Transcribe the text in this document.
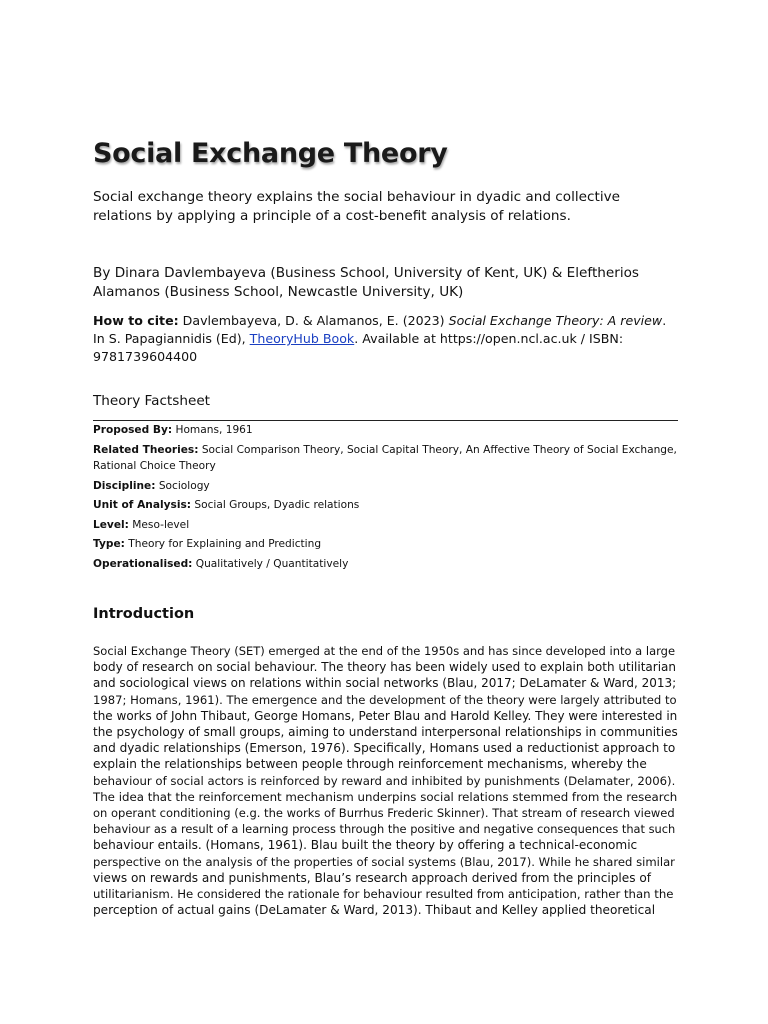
Social Exchange Theory

Social exchange theory explains the social behaviour in dyadic and collective relations by applying a principle of a cost-benefit analysis of relations.

By Dinara Davlembayeva (Business School, University of Kent, UK) & Eleftherios Alamanos (Business School, Newcastle University, UK)

How to cite: Davlembayeva, D. & Alamanos, E. (2023) Social Exchange Theory: A review. In S. Papagiannidis (Ed), TheoryHub Book. Available at https://open.ncl.ac.uk / ISBN: 9781739604400

Theory Factsheet
Proposed By: Homans, 1961
Related Theories: Social Comparison Theory, Social Capital Theory, An Affective Theory of Social Exchange, Rational Choice Theory
Discipline: Sociology
Unit of Analysis: Social Groups, Dyadic relations
Level: Meso-level
Type: Theory for Explaining and Predicting
Operationalised: Qualitatively / Quantitatively
Introduction

Social Exchange Theory (SET) emerged at the end of the 1950s and has since developed into a large
body of research on social behaviour. The theory has been widely used to explain both utilitarian
and sociological views on relations within social networks (Blau, 2017; DeLamater & Ward, 2013;
1987; Homans, 1961). The emergence and the development of the theory were largely attributed to
the works of John Thibaut, George Homans, Peter Blau and Harold Kelley. They were interested in
the psychology of small groups, aiming to understand interpersonal relationships in communities
and dyadic relationships (Emerson, 1976). Specifically, Homans used a reductionist approach to
explain the relationships between people through reinforcement mechanisms, whereby the
behaviour of social actors is reinforced by reward and inhibited by punishments (Delamater, 2006).
The idea that the reinforcement mechanism underpins social relations stemmed from the research
on operant conditioning (e.g. the works of Burrhus Frederic Skinner). That stream of research viewed
behaviour as a result of a learning process through the positive and negative consequences that such
behaviour entails. (Homans, 1961). Blau built the theory by offering a technical-economic
perspective on the analysis of the properties of social systems (Blau, 2017). While he shared similar
views on rewards and punishments, Blau’s research approach derived from the principles of
utilitarianism. He considered the rationale for behaviour resulted from anticipation, rather than the
perception of actual gains (DeLamater & Ward, 2013). Thibaut and Kelley applied theoretical
